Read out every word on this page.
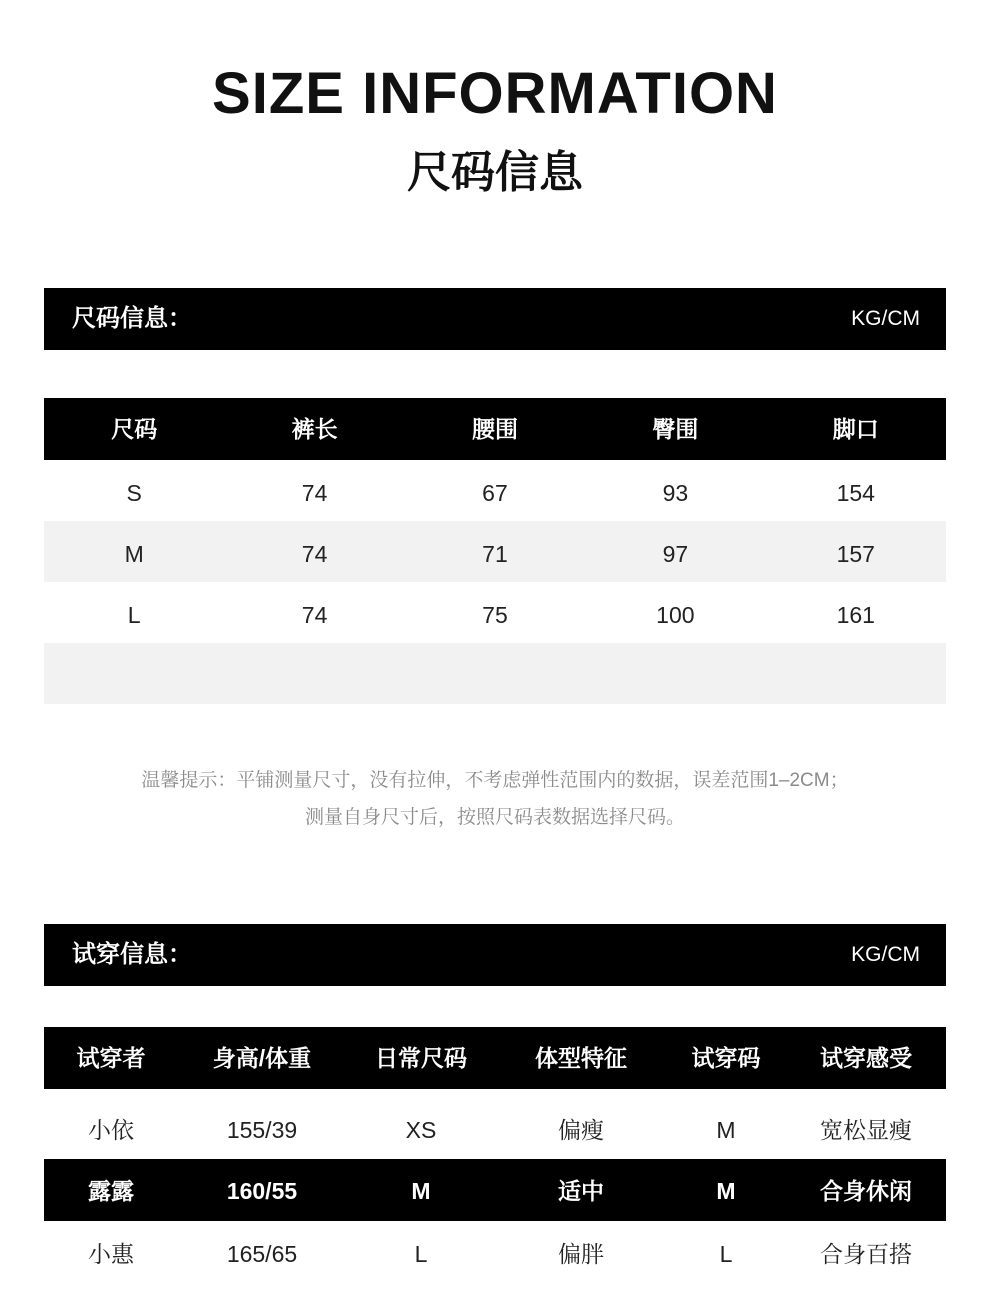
SIZE INFORMATION
尺码信息
尺码信息：	KG/CM
尺码	裤长	腰围	臀围	脚口
S	74	67	93	154
M	74	71	97	157
L	74	75	100	161
温馨提示：平铺测量尺寸，没有拉伸，不考虑弹性范围内的数据，误差范围1–2CM；
测量自身尺寸后，按照尺码表数据选择尺码。
试穿信息：	KG/CM
试穿者	身高/体重	日常尺码	体型特征	试穿码	试穿感受
小依	155/39	XS	偏瘦	M	宽松显瘦
露露	160/55	M	适中	M	合身休闲
小惠	165/65	L	偏胖	L	合身百搭
